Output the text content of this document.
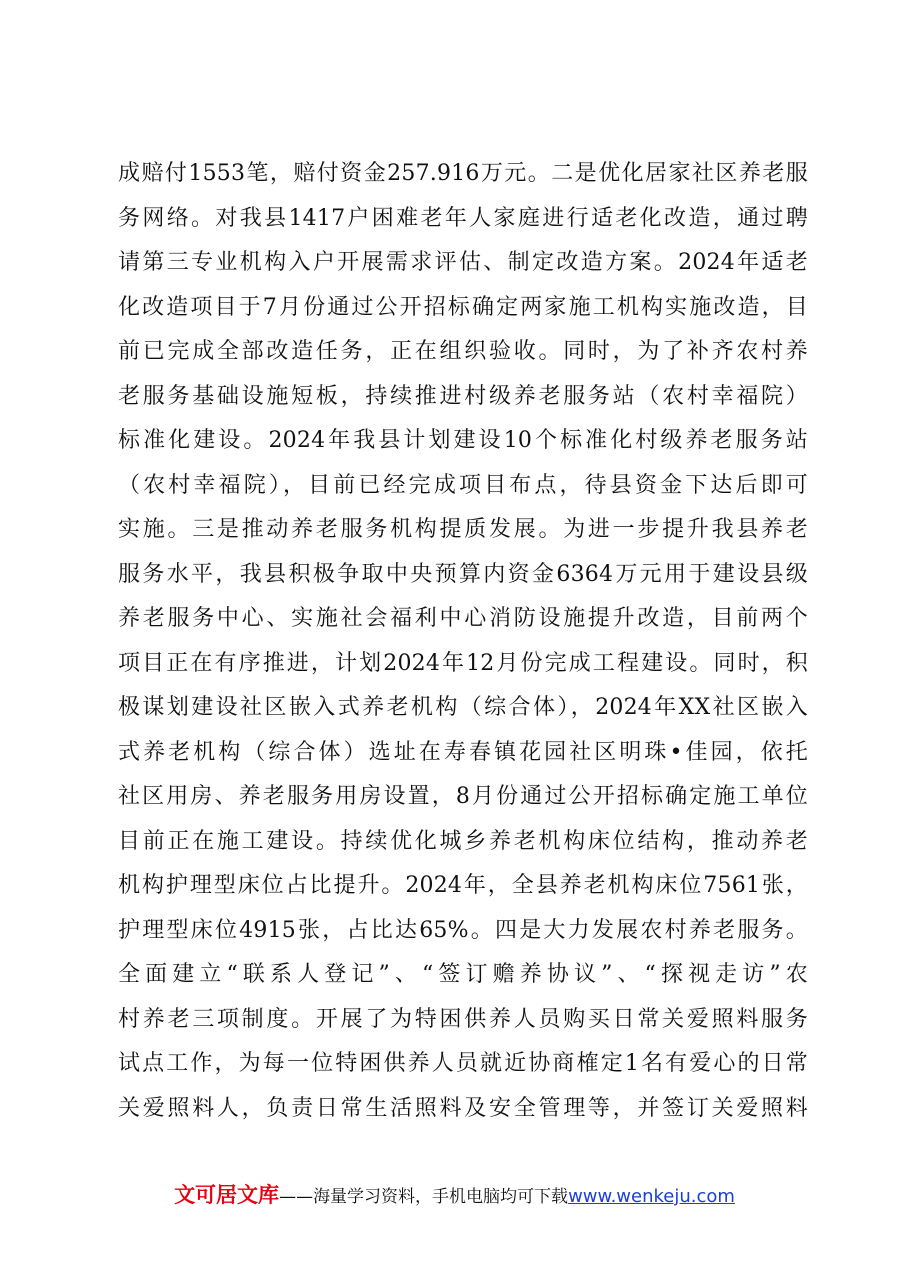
成赔付1553笔，赔付资金257.916万元。二是优化居家社区养老服
务网络。对我县1417户困难老年人家庭进行适老化改造，通过聘
请第三专业机构入户开展需求评估、制定改造方案。2024年适老
化改造项目于7月份通过公开招标确定两家施工机构实施改造，目
前已完成全部改造任务，正在组织验收。同时，为了补齐农村养
老服务基础设施短板，持续推进村级养老服务站（农村幸福院）
标准化建设。2024年我县计划建设10个标准化村级养老服务站
（农村幸福院），目前已经完成项目布点，待县资金下达后即可
实施。三是推动养老服务机构提质发展。为进一步提升我县养老
服务水平，我县积极争取中央预算内资金6364万元用于建设县级
养老服务中心、实施社会福利中心消防设施提升改造，目前两个
项目正在有序推进，计划2024年12月份完成工程建设。同时，积
极谋划建设社区嵌入式养老机构（综合体），2024年XX社区嵌入
式养老机构（综合体）选址在寿春镇花园社区明珠•佳园，依托
社区用房、养老服务用房设置，8月份通过公开招标确定施工单位
目前正在施工建设。持续优化城乡养老机构床位结构，推动养老
机构护理型床位占比提升。2024年，全县养老机构床位7561张，
护理型床位4915张，占比达65%。四是大力发展农村养老服务。
全面建立“联系人登记”、“签订赡养协议”、“探视走访”农
村养老三项制度。开展了为特困供养人员购买日常关爱照料服务
试点工作，为每一位特困供养人员就近协商榷定1名有爱心的日常
关爱照料人，负责日常生活照料及安全管理等，并签订关爱照料
文可居文库——海量学习资料，手机电脑均可下载www.wenkeju.com
